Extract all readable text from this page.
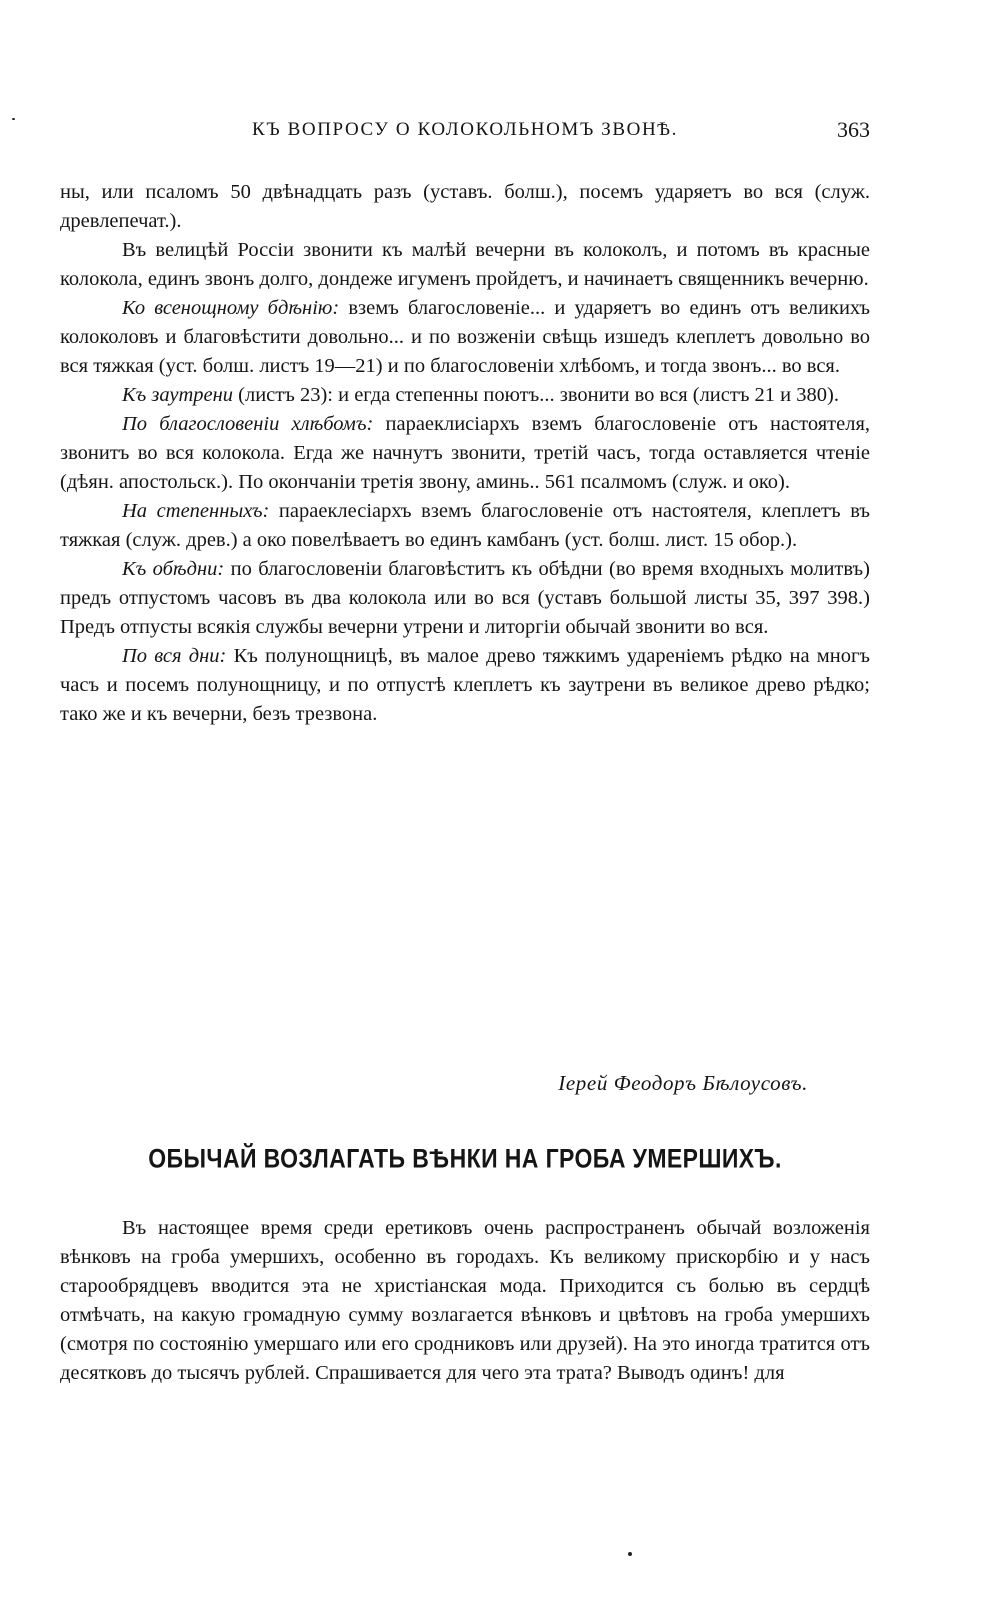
КЪ ВОПРОСУ О КОЛОКОЛЬНОМЪ ЗВОНѢ.	363

ны, или псаломъ 50 двѣнадцать разъ (уставъ. болш.), посемъ ударяетъ во вся (служ. древлепечат.).

Въ велицѣй Россіи звонити къ малѣй вечерни въ колоколъ, и потомъ въ красные колокола, единъ звонъ долго, дондеже игуменъ пройдетъ, и начинаетъ священникъ вечерню.

Ко всенощному бдѣнію: вземъ благословеніе... и ударяетъ во единъ отъ великихъ колоколовъ и благовѣстити довольно... и по возженіи свѣщь изшедъ клеплетъ довольно во вся тяжкая (уст. болш. листъ 19—21) и по благословеніи хлѣбомъ, и тогда звонъ... во вся.

Къ заутрени (листъ 23): и егда степенны поютъ... звонити во вся (листъ 21 и 380).

По благословеніи хлѣбомъ: параеклисіархъ вземъ благословеніе отъ настоятеля, звонитъ во вся колокола. Егда же начнутъ звонити, третій часъ, тогда оставляется чтеніе (дѣян. апостольск.). По окончаніи третія звону, аминь.. 561 псалмомъ (служ. и око).

На степенныхъ: параеклесіархъ вземъ благословеніе отъ настоятеля, клеплетъ въ тяжкая (служ. древ.) а око повелѣваетъ во единъ камбанъ (уст. болш. лист. 15 обор.).

Къ обѣдни: по благословеніи благовѣститъ къ обѣдни (во время входныхъ молитвъ) предъ отпустомъ часовъ въ два колокола или во вся (уставъ большой листы 35, 397 398.) Предъ отпусты всякія службы вечерни утрени и литоргіи обычай звонити во вся.

По вся дни: Къ полунощницѣ, въ малое древо тяжкимъ ударенiемъ рѣдко на многъ часъ и посемъ полунощницу, и по отпустѣ клеплетъ къ заутрени въ великое древо рѣдко; тако же и къ вечерни, безъ трезвона.

Iерей Феодоръ Бѣлоусовъ.
ОБЫЧАЙ ВОЗЛАГАТЬ ВѢНКИ НА ГРОБА УМЕРШИХЪ.

Въ настоящее время среди еретиковъ очень распространенъ обычай возложенія вѣнковъ на гроба умершихъ, особенно въ городахъ. Къ великому прискорбію и у насъ старообрядцевъ вводится эта не христіанская мода. Приходится съ болью въ сердцѣ отмѣчать, на какую громадную сумму возлагается вѣнковъ и цвѣтовъ на гроба умершихъ (смотря по состоянію умершаго или его сродниковъ или друзей). На это иногда тратится отъ десятковъ до тысячъ рублей. Спрашивается для чего эта трата? Выводъ одинъ! для
